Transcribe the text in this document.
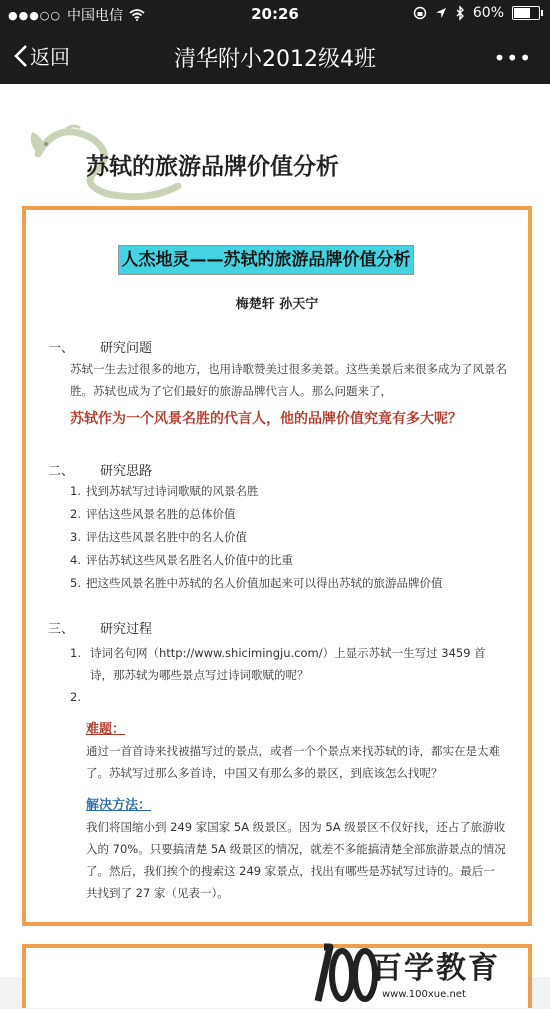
●●●○○ 中国电信	20:26	60%
返回	清华附小2012级4班	•••
苏轼的旅游品牌价值分析
人杰地灵——苏轼的旅游品牌价值分析
梅楚轩 孙天宁
一、 研究问题
苏轼一生去过很多的地方，也用诗歌赞美过很多美景。这些美景后来很多成为了风景名胜。苏轼也成为了它们最好的旅游品牌代言人。那么问题来了，
苏轼作为一个风景名胜的代言人，他的品牌价值究竟有多大呢？
二、 研究思路
1. 找到苏轼写过诗词歌赋的风景名胜
2. 评估这些风景名胜的总体价值
3. 评估这些风景名胜中的名人价值
4. 评估苏轼这些风景名胜名人价值中的比重
5. 把这些风景名胜中苏轼的名人价值加起来可以得出苏轼的旅游品牌价值
三、 研究过程
1. 诗词名句网（http://www.shicimingju.com/）上显示苏轼一生写过 3459 首诗，那苏轼为哪些景点写过诗词歌赋的呢？
2.
难题：
通过一首首诗来找被描写过的景点，或者一个个景点来找苏轼的诗，都实在是太难了。苏轼写过那么多首诗，中国又有那么多的景区，到底该怎么找呢？
解决方法：
我们将国缩小到 249 家国家 5A 级景区。因为 5A 级景区不仅好找，还占了旅游收入的 70%。只要搞清楚 5A 级景区的情况，就差不多能搞清楚全部旅游景点的情况了。然后，我们挨个的搜索这 249 家景点，找出有哪些是苏轼写过诗的。最后一共找到了 27 家（见表一）。
百学教育
www.100xue.net
